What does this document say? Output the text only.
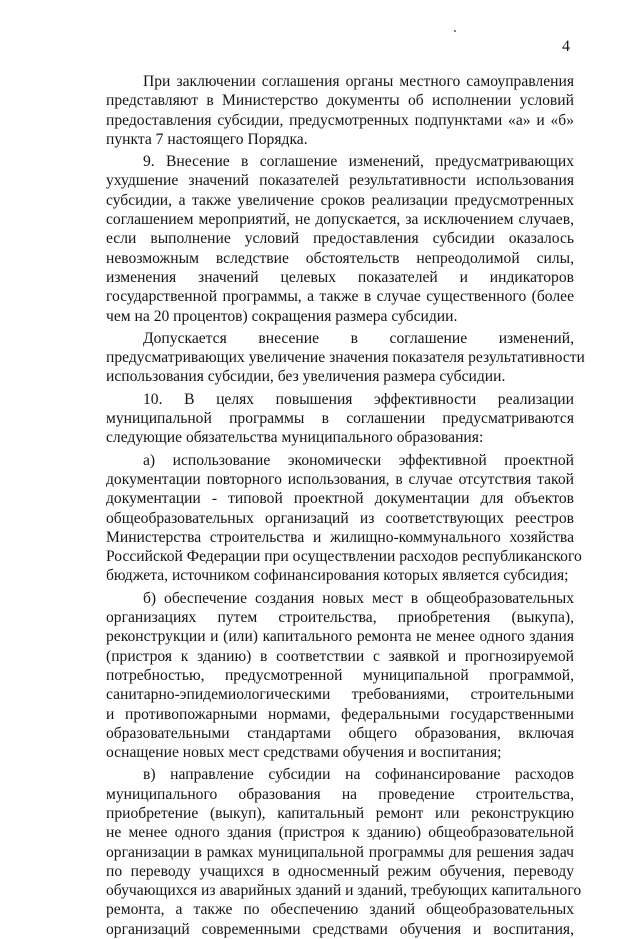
4
При заключении соглашения органы местного самоуправления
представляют в Министерство документы об исполнении условий
предоставления субсидии, предусмотренных подпунктами «а» и «б»
пункта 7 настоящего Порядка.
9. Внесение в соглашение изменений, предусматривающих
ухудшение значений показателей результативности использования
субсидии, а также увеличение сроков реализации предусмотренных
соглашением мероприятий, не допускается, за исключением случаев,
если выполнение условий предоставления субсидии оказалось
невозможным вследствие обстоятельств непреодолимой силы,
изменения значений целевых показателей и индикаторов
государственной программы, а также в случае существенного (более
чем на 20 процентов) сокращения размера субсидии.
Допускается внесение в соглашение изменений,
предусматривающих увеличение значения показателя результативности
использования субсидии, без увеличения размера субсидии.
10. В целях повышения эффективности реализации
муниципальной программы в соглашении предусматриваются
следующие обязательства муниципального образования:
а) использование экономически эффективной проектной
документации повторного использования, в случае отсутствия такой
документации - типовой проектной документации для объектов
общеобразовательных организаций из соответствующих реестров
Министерства строительства и жилищно-коммунального хозяйства
Российской Федерации при осуществлении расходов республиканского
бюджета, источником софинансирования которых является субсидия;
б) обеспечение создания новых мест в общеобразовательных
организациях путем строительства, приобретения (выкупа),
реконструкции и (или) капитального ремонта не менее одного здания
(пристроя к зданию) в соответствии с заявкой и прогнозируемой
потребностью, предусмотренной муниципальной программой,
санитарно-эпидемиологическими требованиями, строительными
и противопожарными нормами, федеральными государственными
образовательными стандартами общего образования, включая
оснащение новых мест средствами обучения и воспитания;
в) направление субсидии на софинансирование расходов
муниципального образования на проведение строительства,
приобретение (выкуп), капитальный ремонт или реконструкцию
не менее одного здания (пристроя к зданию) общеобразовательной
организации в рамках муниципальной программы для решения задач
по переводу учащихся в односменный режим обучения, переводу
обучающихся из аварийных зданий и зданий, требующих капитального
ремонта, а также по обеспечению зданий общеобразовательных
организаций современными средствами обучения и воспитания,
